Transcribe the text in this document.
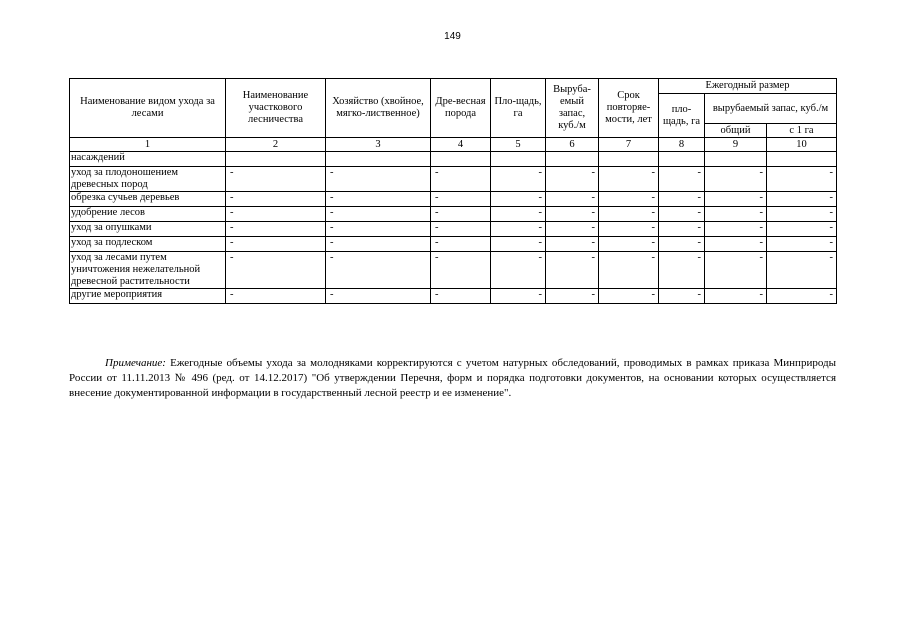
149
Наименование видом ухода за лесами	Наименование участкового лесничества	Хозяйство (хвойное, мягко-лиственное)	Дре-весная порода	Пло-щадь, га	Выруба-емый запас, куб./м	Срок повторяе-мости, лет	Ежегодный размер		
							пло-щадь, га	вырубаемый запас, куб./м	
								общий	с 1 га
1	2	3	4	5	6	7	8	9	10
насаждений									
уход за плодоношением древесных пород	-	-	-	-	-	-	-	-	-
обрезка сучьев деревьев	-	-	-	-	-	-	-	-	-
удобрение лесов	-	-	-	-	-	-	-	-	-
уход за опушками	-	-	-	-	-	-	-	-	-
уход за подлеском	-	-	-	-	-	-	-	-	-
уход за лесами путем уничтожения нежелательной древесной растительности	-	-	-	-	-	-	-	-	-
другие мероприятия	-	-	-	-	-	-	-	-	-

Примечание: Ежегодные объемы ухода за молодняками корректируются с учетом натурных обследований, проводимых в рамках приказа Минприроды России от 11.11.2013 № 496 (ред. от 14.12.2017) "Об утверждении Перечня, форм и порядка подготовки документов, на основании которых осуществляется внесение документированной информации в государственный лесной реестр и ее изменение".
